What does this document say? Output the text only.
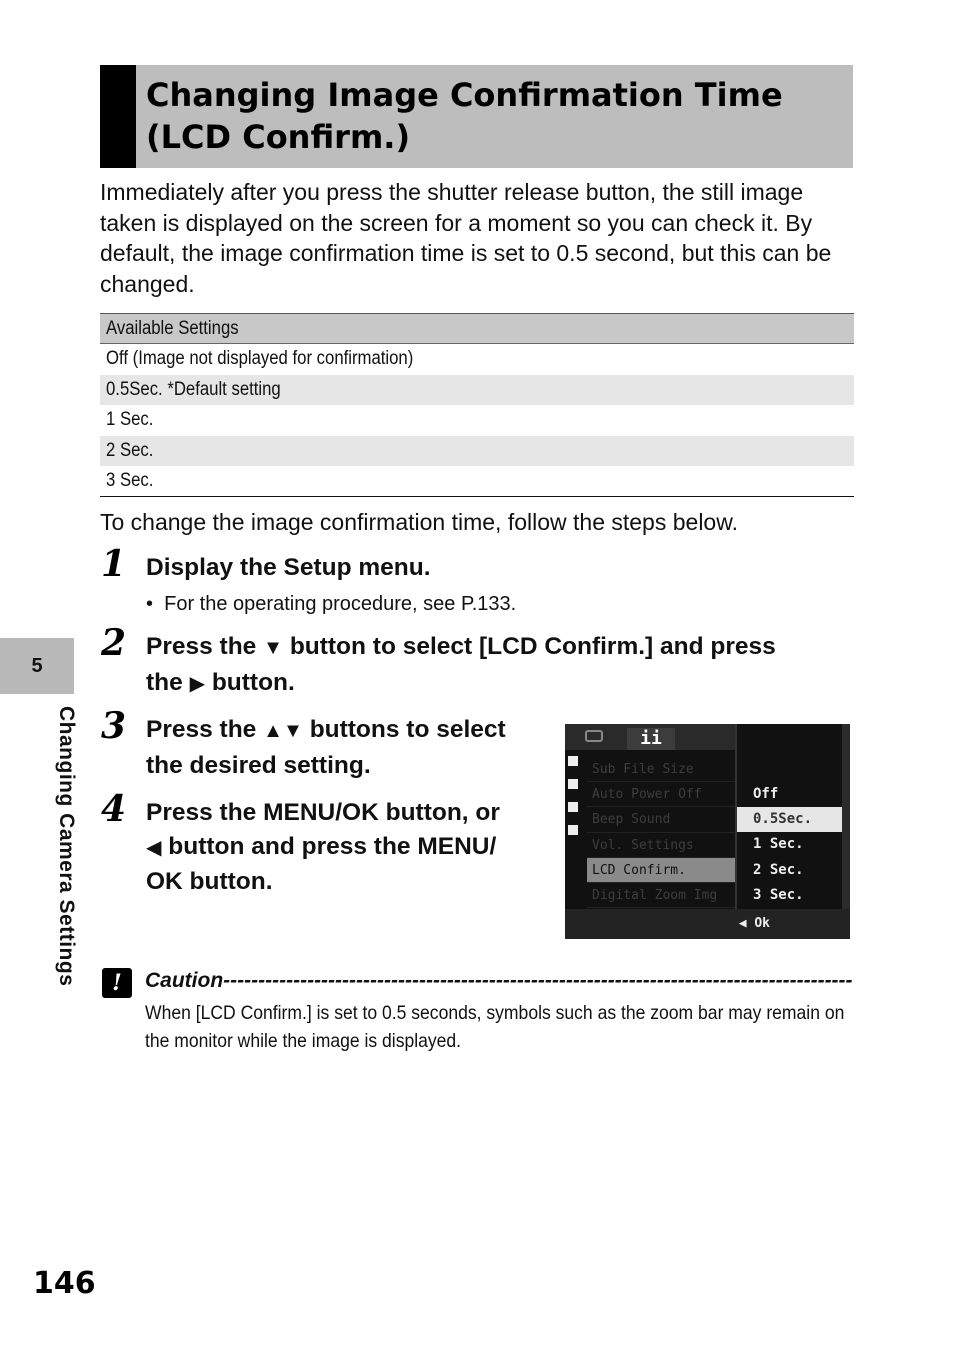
5
Changing Camera Settings
Changing Image Confirmation Time
(LCD Confirm.)
Immediately after you press the shutter release button, the still image taken is displayed on the screen for a moment so you can check it. By default, the image confirmation time is set to 0.5 second, but this can be changed.
Available Settings
Off (Image not displayed for confirmation)
0.5Sec. *Default setting
1 Sec.
2 Sec.
3 Sec.
To change the image confirmation time, follow the steps below.
1 Display the Setup menu.
•  For the operating procedure, see P.133.
2 Press the ▼ button to select [LCD Confirm.] and press
the ▶ button.
3 Press the ▲▼ buttons to select
the desired setting.
4 Press the MENU/OK button, or
◀ button and press the MENU/
OK button.
ii
Sub File Size
Auto Power Off
Beep Sound
Vol. Settings
LCD Confirm.
Digital Zoom Img
Off
0.5Sec.
1 Sec.
2 Sec.
3 Sec.
◀ Ok
!	Caution------------------------------------------------------------------------------------------
When [LCD Confirm.] is set to 0.5 seconds, symbols such as the zoom bar may remain on the monitor while the image is displayed.
146
